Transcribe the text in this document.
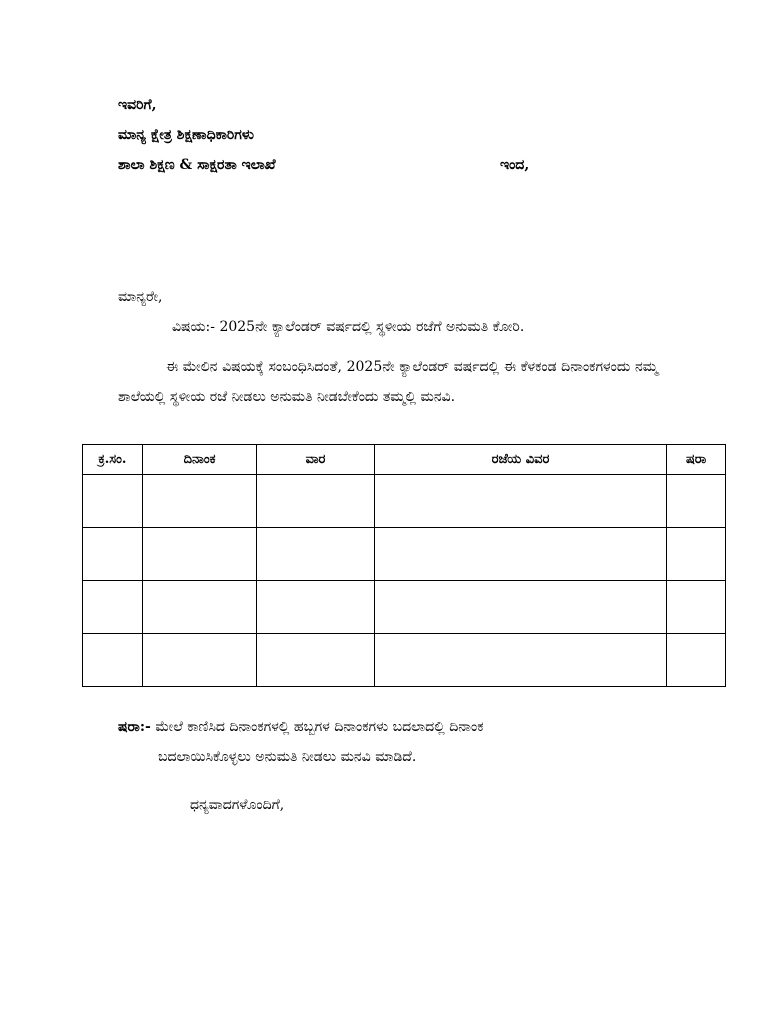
ಇವರಿಗೆ,
ಮಾನ್ಯ ಕ್ಷೇತ್ರ ಶಿಕ್ಷಣಾಧಿಕಾರಿಗಳು
ಶಾಲಾ ಶಿಕ್ಷಣ & ಸಾಕ್ಷರತಾ ಇಲಾಖೆ	ಇಂದ,
ಮಾನ್ಯರೇ,
ವಿಷಯ:- 2025ನೇ ಕ್ಯಾಲೆಂಡರ್ ವರ್ಷದಲ್ಲಿ ಸ್ಥಳೀಯ ರಜೆಗೆ ಅನುಮತಿ ಕೋರಿ.
ಈ ಮೇಲಿನ ವಿಷಯಕ್ಕೆ ಸಂಬಂಧಿಸಿದಂತೆ, 2025ನೇ ಕ್ಯಾಲೆಂಡರ್ ವರ್ಷದಲ್ಲಿ ಈ ಕೆಳಕಂಡ ದಿನಾಂಕಗಳಂದು ನಮ್ಮ ಶಾಲೆಯಲ್ಲಿ ಸ್ಥಳೀಯ ರಜೆ ನೀಡಲು ಅನುಮತಿ ನೀಡಬೇಕೆಂದು ತಮ್ಮಲ್ಲಿ ಮನವಿ.
ಕ್ರ.ಸಂ.	ದಿನಾಂಕ	ವಾರ	ರಜೆಯ ವಿವರ	ಷರಾ

ಷರಾ:- ಮೇಲೆ ಕಾಣಿಸಿದ ದಿನಾಂಕಗಳಲ್ಲಿ ಹಬ್ಬಗಳ ದಿನಾಂಕಗಳು ಬದಲಾದಲ್ಲಿ ದಿನಾಂಕ
ಬದಲಾಯಿಸಿಕೊಳ್ಳಲು ಅನುಮತಿ ನೀಡಲು ಮನವಿ ಮಾಡಿದೆ.
ಧನ್ಯವಾದಗಳೊಂದಿಗೆ,
